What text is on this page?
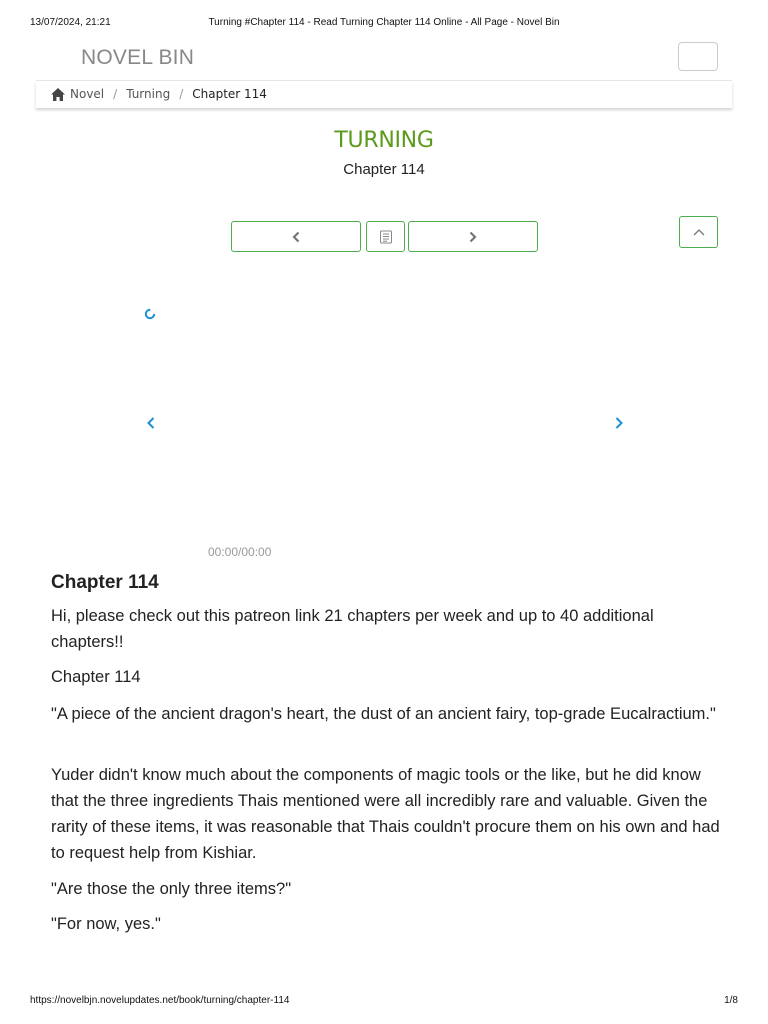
13/07/2024, 21:21	Turning #Chapter 114 - Read Turning Chapter 114 Online - All Page - Novel Bin
NOVEL BIN
Novel / Turning / Chapter 114
TURNING
Chapter 114
00:00/00:00
Chapter 114
Hi, please check out this patreon link 21 chapters per week and up to 40 additional chapters!!
Chapter 114
"A piece of the ancient dragon's heart, the dust of an ancient fairy, top-grade Eucalractium."
Yuder didn't know much about the components of magic tools or the like, but he did know that the three ingredients Thais mentioned were all incredibly rare and valuable. Given the rarity of these items, it was reasonable that Thais couldn't procure them on his own and had to request help from Kishiar.
"Are those the only three items?"
"For now, yes."
https://novelbjn.novelupdates.net/book/turning/chapter-114	1/8
